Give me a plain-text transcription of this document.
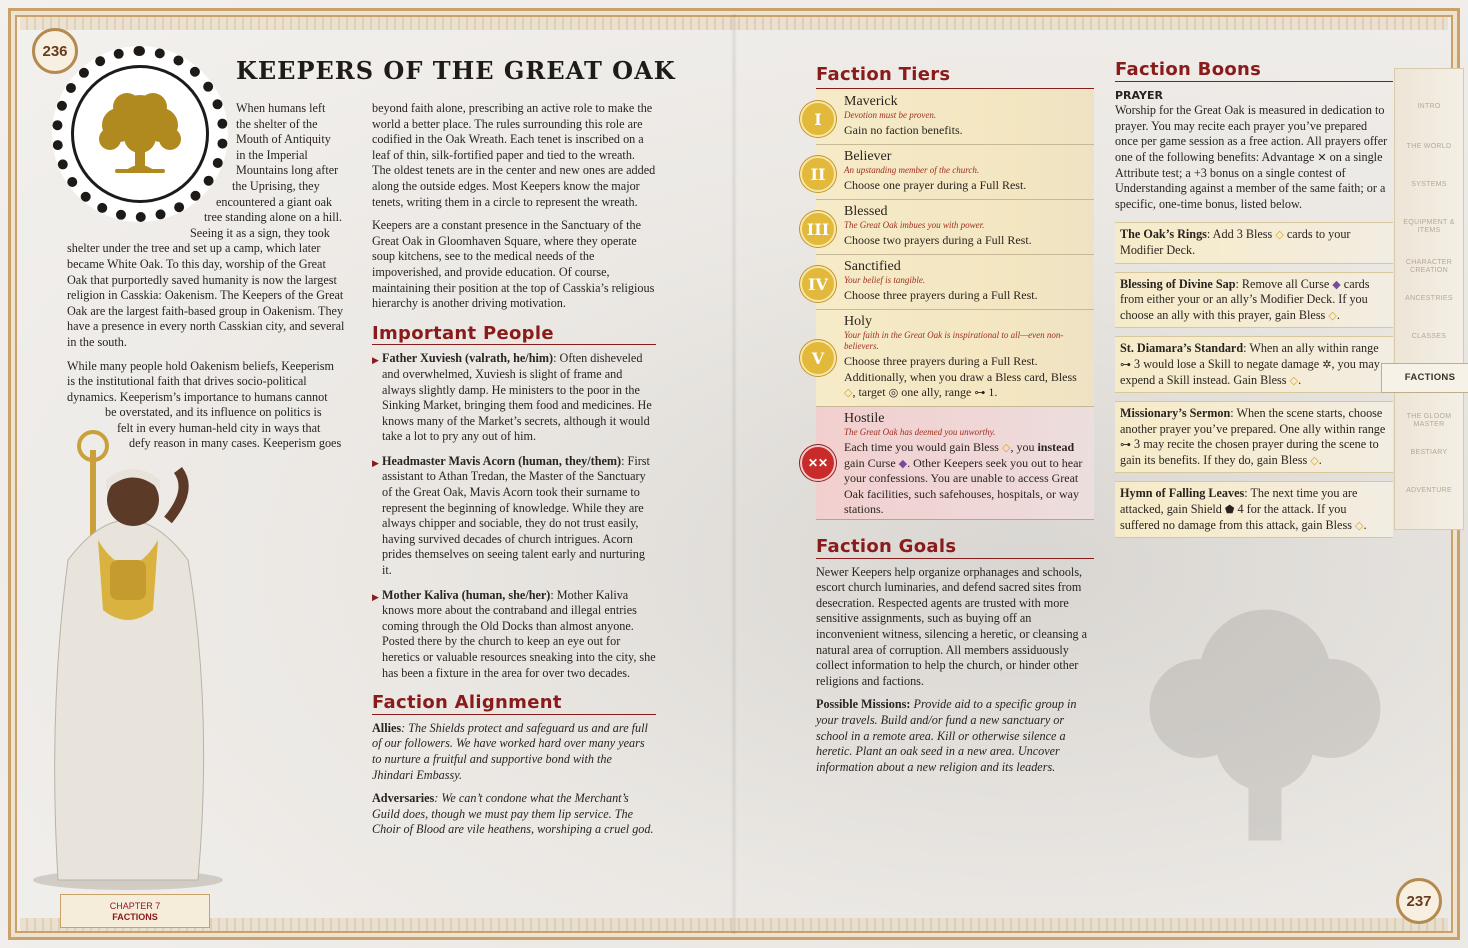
236
237
KEEPERS OF THE GREAT OAK
When humans left
the shelter of the
Mouth of Antiquity
in the Imperial
Mountains long after
the Uprising, they
encountered a giant oak
tree standing alone on a hill.
Seeing it as a sign, they took

shelter under the tree and set up a camp, which later became White Oak. To this day, worship of the Great Oak that purportedly saved humanity is now the largest religion in Casskia: Oakenism. The Keepers of the Great Oak are the largest faith-based group in Oakenism. They have a presence in every north Casskian city, and several in the south.

While many people hold Oakenism beliefs, Keeperism
is the institutional faith that drives socio-political
dynamics. Keeperism’s importance to humans cannot
be overstated, and its influence on politics is
felt in every human-held city in ways that
defy reason in many cases. Keeperism goes

beyond faith alone, prescribing an active role to make the world a better place. The rules surrounding this role are codified in the Oak Wreath. Each tenet is inscribed on a leaf of thin, silk-fortified paper and tied to the wreath. The oldest tenets are in the center and new ones are added along the outside edges. Most Keepers know the major tenets, writing them in a circle to represent the wreath.

Keepers are a constant presence in the Sanctuary of the Great Oak in Gloomhaven Square, where they operate soup kitchens, see to the medical needs of the impoverished, and provide education. Of course, maintaining their position at the top of Casskia’s religious hierarchy is another driving motivation.

Important People
▶ Father Xuviesh (valrath, he/him): Often disheveled and overwhelmed, Xuviesh is slight of frame and always slightly damp. He ministers to the poor in the Sinking Market, bringing them food and medicines. He knows many of the Market’s secrets, although it would take a lot to pry any out of him.
▶ Headmaster Mavis Acorn (human, they/them): First assistant to Athan Tredan, the Master of the Sanctuary of the Great Oak, Mavis Acorn took their surname to represent the beginning of knowledge. While they are always chipper and sociable, they do not trust easily, having survived decades of church intrigues. Acorn prides themselves on seeing talent early and nurturing it.
▶ Mother Kaliva (human, she/her): Mother Kaliva knows more about the contraband and illegal entries coming through the Old Docks than almost anyone. Posted there by the church to keep an eye out for heretics or valuable resources sneaking into the city, she has been a fixture in the area for over two decades.
Faction Alignment

Allies: The Shields protect and safeguard us and are full of our followers. We have worked hard over many years to nurture a fruitful and supportive bond with the Jhindari Embassy.

Adversaries: We can’t condone what the Merchant’s Guild does, though we must pay them lip service. The Choir of Blood are vile heathens, worshiping a cruel god.

Faction Tiers
I
Maverick
Devotion must be proven.
Gain no faction benefits.
II
Believer
An upstanding member of the church.
Choose one prayer during a Full Rest.
III
Blessed
The Great Oak imbues you with power.
Choose two prayers during a Full Rest.
IV
Sanctified
Your belief is tangible.
Choose three prayers during a Full Rest.
V
Holy
Your faith in the Great Oak is inspirational to all—even non-believers.
Choose three prayers during a Full Rest. Additionally, when you draw a Bless card, Bless ◇, target ◎ one ally, range ⊶ 1.
✕✕
Hostile
The Great Oak has deemed you unworthy.
Each time you would gain Bless ◇, you instead gain Curse ◆. Other Keepers seek you out to hear your confessions. You are unable to access Great Oak facilities, such safehouses, hospitals, or way stations.
Faction Goals

Newer Keepers help organize orphanages and schools, escort church luminaries, and defend sacred sites from desecration. Respected agents are trusted with more sensitive assignments, such as buying off an inconvenient witness, silencing a heretic, or cleansing a natural area of corruption. All members assiduously collect information to help the church, or hinder other religions and factions.

Possible Missions: Provide aid to a specific group in your travels. Build and/or fund a new sanctuary or school in a remote area. Kill or otherwise silence a heretic. Plant an oak seed in a new area. Uncover information about a new religion and its leaders.

Faction Boons
PRAYER

Worship for the Great Oak is measured in dedication to prayer. You may recite each prayer you’ve prepared once per game session as a free action. All prayers offer one of the following benefits: Advantage ✕ on a single Attribute test; a +3 bonus on a single contest of Understanding against a member of the same faith; or a specific, one-time bonus, listed below.

The Oak’s Rings: Add 3 Bless ◇ cards to your Modifier Deck.
Blessing of Divine Sap: Remove all Curse ◆ cards from either your or an ally’s Modifier Deck. If you choose an ally with this prayer, gain Bless ◇.
St. Diamara’s Standard: When an ally within range ⊶ 3 would lose a Skill to negate damage ✲, you may expend a Skill instead. Gain Bless ◇.
Missionary’s Sermon: When the scene starts, choose another prayer you’ve prepared. One ally within range ⊶ 3 may recite the chosen prayer during the scene to gain its benefits. If they do, gain Bless ◇.
Hymn of Falling Leaves: The next time you are attacked, gain Shield ⬟ 4 for the attack. If you suffered no damage from this attack, gain Bless ◇.
INTRO
THE WORLD
SYSTEMS
EQUIPMENT & ITEMS
CHARACTER CREATION
ANCESTRIES
CLASSES
FACTIONS
THE GLOOM MASTER
BESTIARY
ADVENTURE
CHAPTER 7
FACTIONS
